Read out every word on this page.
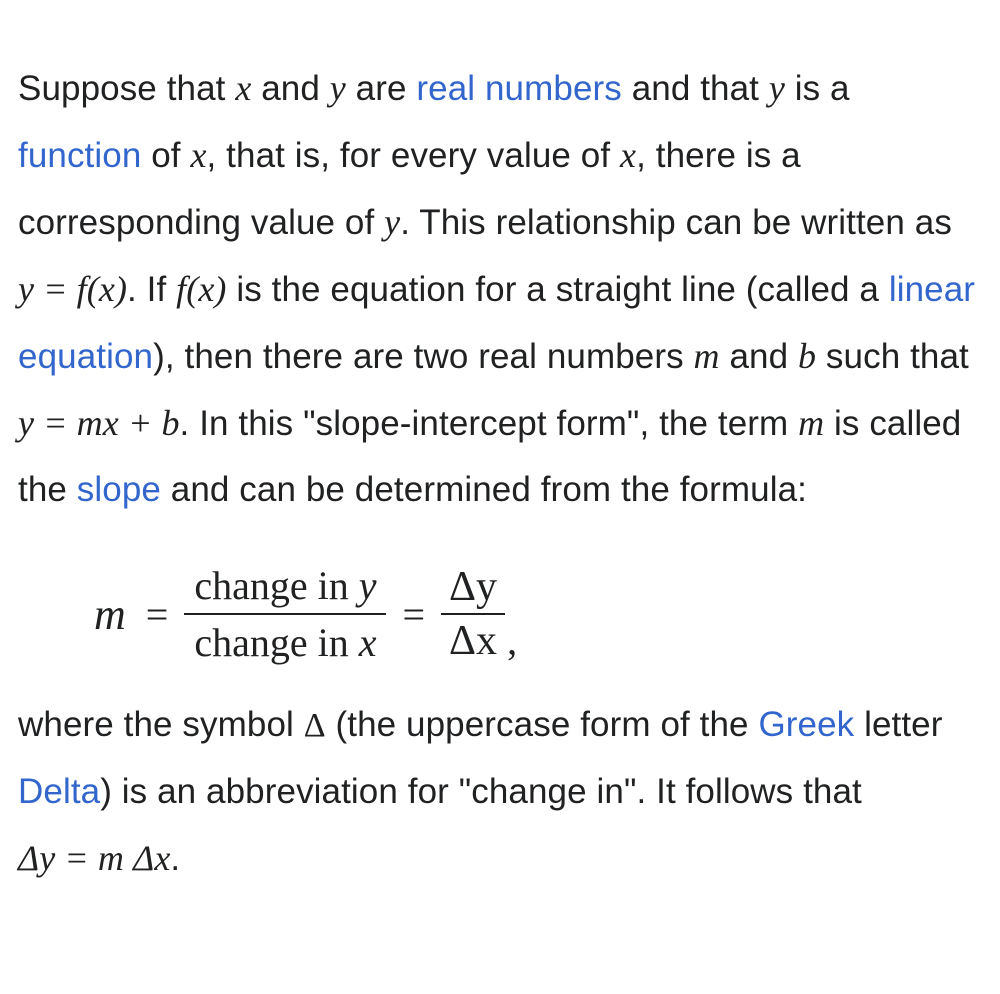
Suppose that x and y are real numbers and that y is a function of x, that is, for every value of x, there is a corresponding value of y. This relationship can be written as y = f(x). If f(x) is the equation for a straight line (called a linear equation), then there are two real numbers m and b such that y = mx + b. In this "slope-intercept form", the term m is called the slope and can be determined from the formula:

$m = \frac{\text{change in y}}{\text{change in x}} = \frac{\Delta y}{\Delta x}$ ,

where the symbol Δ (the uppercase form of the Greek letter Delta) is an abbreviation for "change in". It follows that Δy = m Δx.
